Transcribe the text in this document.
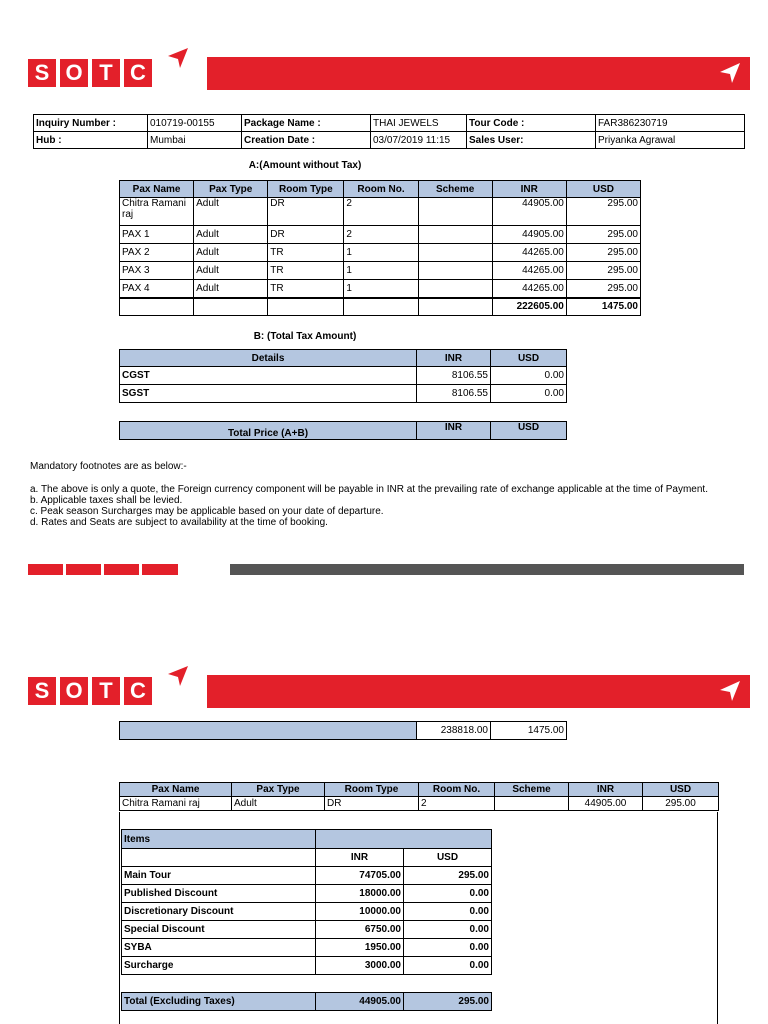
S O T C
Inquiry Number :	010719-00155	Package Name :	THAI JEWELS	Tour Code :	FAR386230719
Hub :	Mumbai	Creation Date :	03/07/2019 11:15	Sales User:	Priyanka Agrawal
A:(Amount without Tax)
Pax Name	Pax Type	Room Type	Room No.	Scheme	INR	USD
Chitra Ramani raj	Adult	DR	2		44905.00	295.00
PAX 1	Adult	DR	2		44905.00	295.00
PAX 2	Adult	TR	1		44265.00	295.00
PAX 3	Adult	TR	1		44265.00	295.00
PAX 4	Adult	TR	1		44265.00	295.00
					222605.00	1475.00
B: (Total Tax Amount)
Details	INR	USD
CGST	8106.55	0.00
SGST	8106.55	0.00
Total Price (A+B)	INR	USD

Mandatory footnotes are as below:-

a. The above is only a quote, the Foreign currency component will be payable in INR at the prevailing rate of exchange applicable at the time of Payment.

b. Applicable taxes shall be levied.

c. Peak season Surcharges may be applicable based on your date of departure.

d. Rates and Seats are subject to availability at the time of booking.

S O T C
	238818.00	1475.00
Pax Name	Pax Type	Room Type	Room No.	Scheme	INR	USD
Chitra Ramani raj	Adult	DR	2		44905.00	295.00
Items		
	INR	USD
Main Tour	74705.00	295.00
Published Discount	18000.00	0.00
Discretionary Discount	10000.00	0.00
Special Discount	6750.00	0.00
SYBA	1950.00	0.00
Surcharge	3000.00	0.00

Total (Excluding Taxes)	44905.00	295.00
